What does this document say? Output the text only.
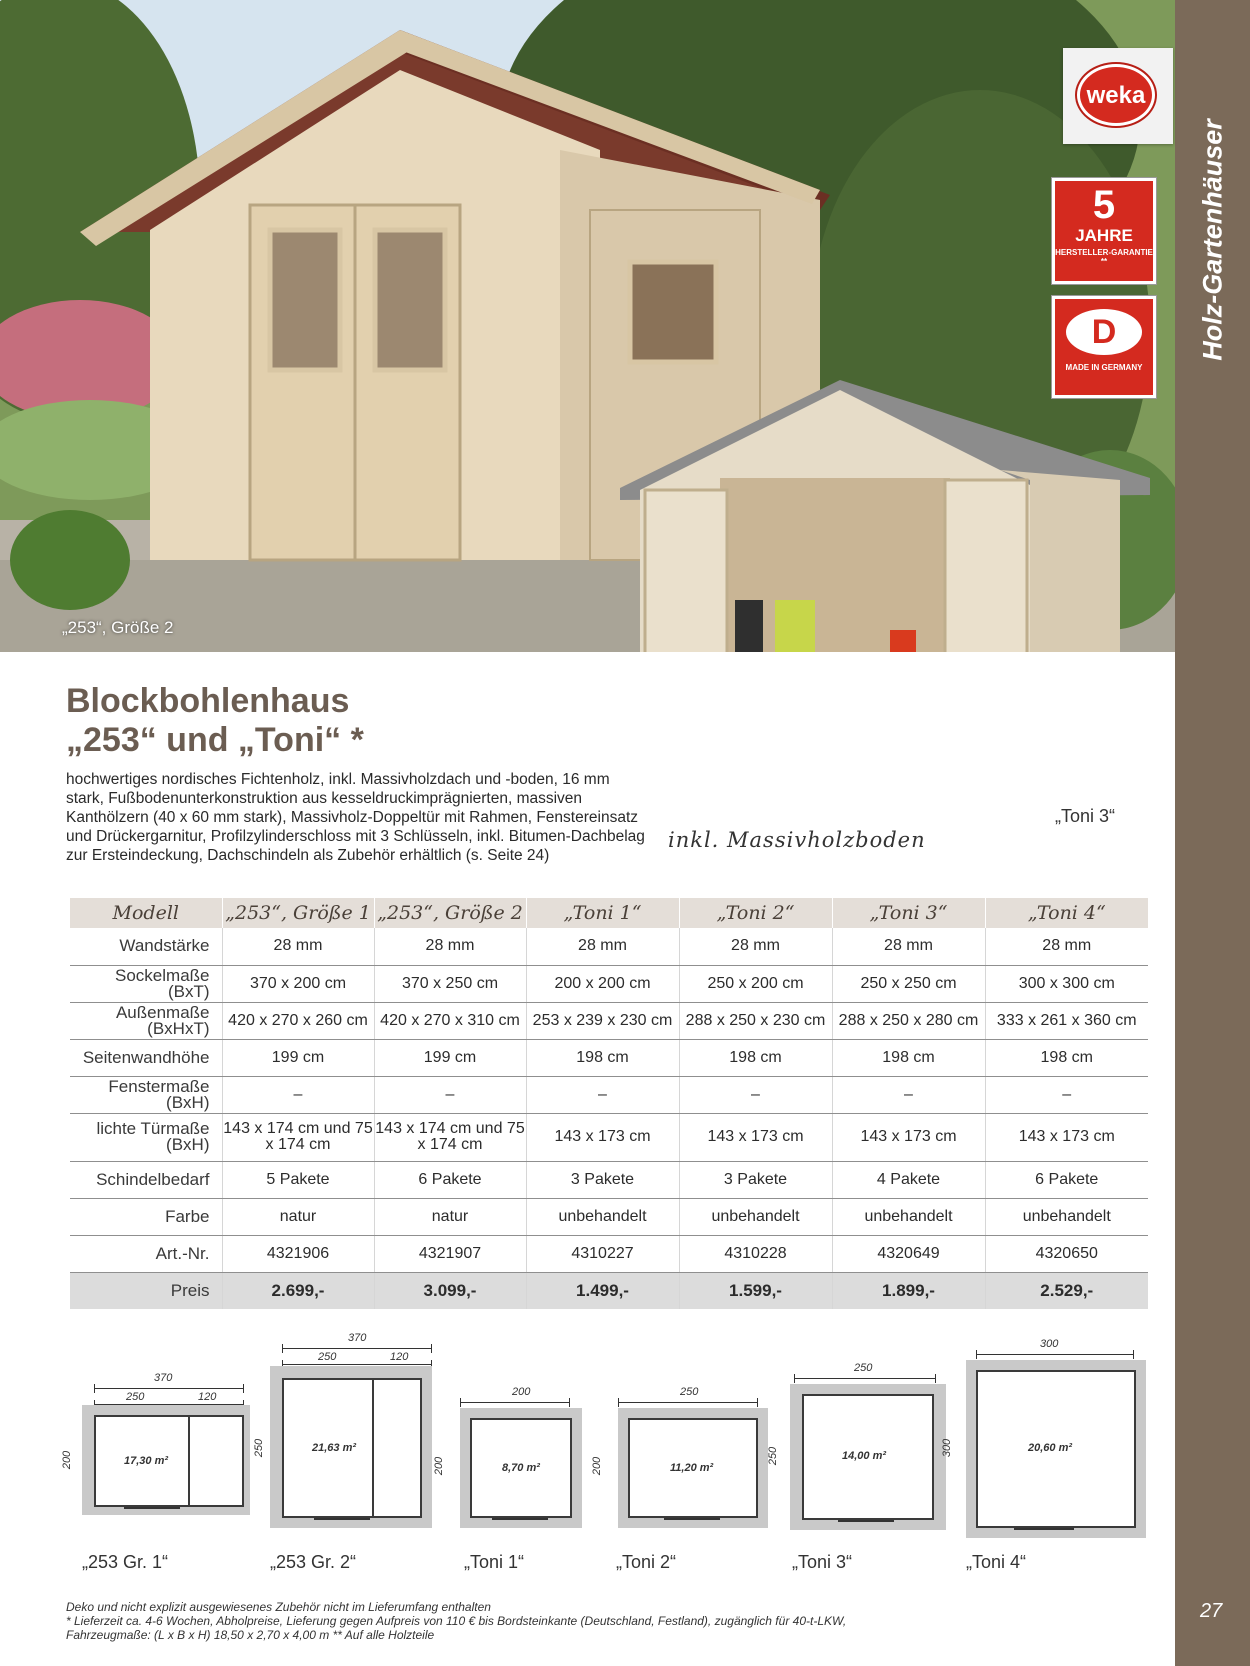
„253“, Größe 2
„Toni 3“
inkl. Massivholzboden
Holz-Gartenhäuser
27
weka
5
JAHRE
HERSTELLER-GARANTIE **
D
MADE IN GERMANY
Blockbohlenhaus
„253“ und „Toni“ *
hochwertiges nordisches Fichtenholz, inkl. Massivholzdach und -boden, 16 mm stark, Fußbodenunterkonstruktion aus kesseldruckimprägnierten, massiven Kanthölzern (40 x 60 mm stark), Massivholz-Doppeltür mit Rahmen, Fenstereinsatz und Drückergarnitur, Profilzylinderschloss mit 3 Schlüsseln, inkl. Bitumen-Dachbelag zur Ersteindeckung, Dachschindeln als Zubehör erhältlich (s. Seite 24)
Modell	„253“, Größe 1	„253“, Größe 2	„Toni 1“	„Toni 2“	„Toni 3“	„Toni 4“
Wandstärke	28 mm	28 mm	28 mm	28 mm	28 mm	28 mm
Sockelmaße (BxT)	370 x 200 cm	370 x 250 cm	200 x 200 cm	250 x 200 cm	250 x 250 cm	300 x 300 cm
Außenmaße (BxHxT)	420 x 270 x 260 cm	420 x 270 x 310 cm	253 x 239 x 230 cm	288 x 250 x 230 cm	288 x 250 x 280 cm	333 x 261 x 360 cm
Seitenwandhöhe	199 cm	199 cm	198 cm	198 cm	198 cm	198 cm
Fenstermaße (BxH)	–	–	–	–	–	–
lichte Türmaße (BxH)	143 x 174 cm und 75 x 174 cm	143 x 174 cm und 75 x 174 cm	143 x 173 cm	143 x 173 cm	143 x 173 cm	143 x 173 cm
Schindelbedarf	5 Pakete	6 Pakete	3 Pakete	3 Pakete	4 Pakete	6 Pakete
Farbe	natur	natur	unbehandelt	unbehandelt	unbehandelt	unbehandelt
Art.-Nr.	4321906	4321907	4310227	4310228	4320649	4320650
Preis	2.699,-	3.099,-	1.499,-	1.599,-	1.899,-	2.529,-
370
250	120
17,30 m²
200
„253 Gr. 1“
370
250	120
21,63 m²
250
„253 Gr. 2“
200
8,70 m²
200
„Toni 1“
250
11,20 m²
200
„Toni 2“
250
14,00 m²
250
„Toni 3“
300
20,60 m²
300
„Toni 4“
Deko und nicht explizit ausgewiesenes Zubehör nicht im Lieferumfang enthalten
* Lieferzeit ca. 4-6 Wochen, Abholpreise, Lieferung gegen Aufpreis von 110 € bis Bordsteinkante (Deutschland, Festland), zugänglich für 40-t-LKW,
Fahrzeugmaße: (L x B x H) 18,50 x 2,70 x 4,00 m ** Auf alle Holzteile
